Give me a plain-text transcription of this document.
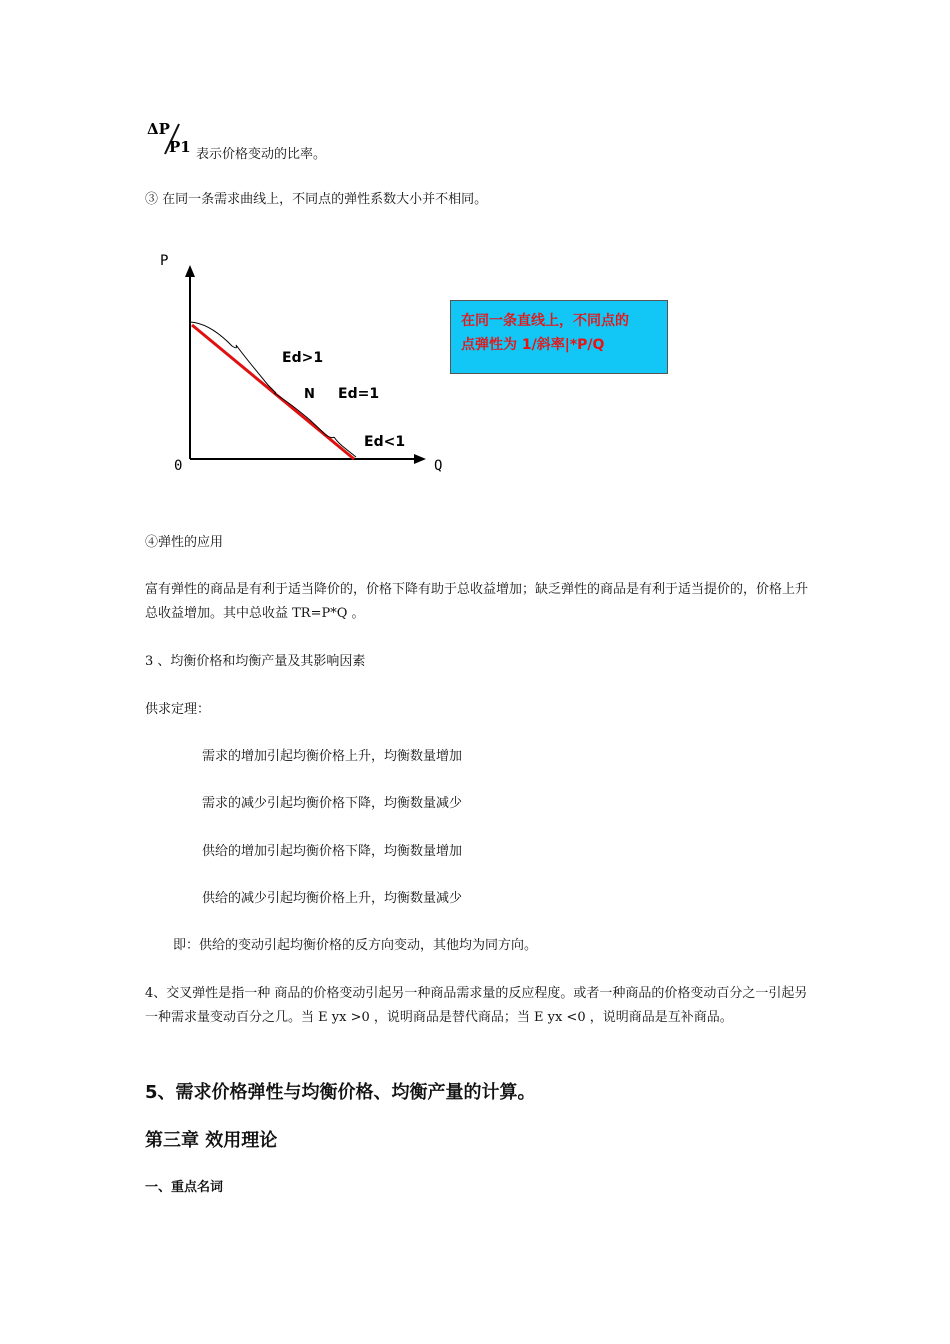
ΔP
P1 表示价格变动的比率。
③ 在同一条需求曲线上，不同点的弹性系数大小并不相同。
P
0	Q
Ed>1
N Ed=1
Ed<1
在同一条直线上，不同点的
点弹性为 1/斜率|*P/Q
④弹性的应用
富有弹性的商品是有利于适当降价的，价格下降有助于总收益增加；缺乏弹性的商品是有利于适当提价的，价格上升总收益增加。其中总收益 TR=P*Q 。
3 、均衡价格和均衡产量及其影响因素
供求定理：
需求的增加引起均衡价格上升，均衡数量增加
需求的减少引起均衡价格下降，均衡数量减少
供给的增加引起均衡价格下降，均衡数量增加
供给的减少引起均衡价格上升，均衡数量减少
即：供给的变动引起均衡价格的反方向变动，其他均为同方向。
4、交叉弹性是指一种 商品的价格变动引起另一种商品需求量的反应程度。或者一种商品的价格变动百分之一引起另一种需求量变动百分之几。当 E yx >0 ，说明商品是替代商品；当 E yx <0 ，说明商品是互补商品。
5、需求价格弹性与均衡价格、均衡产量的计算。
第三章 效用理论
一、重点名词
